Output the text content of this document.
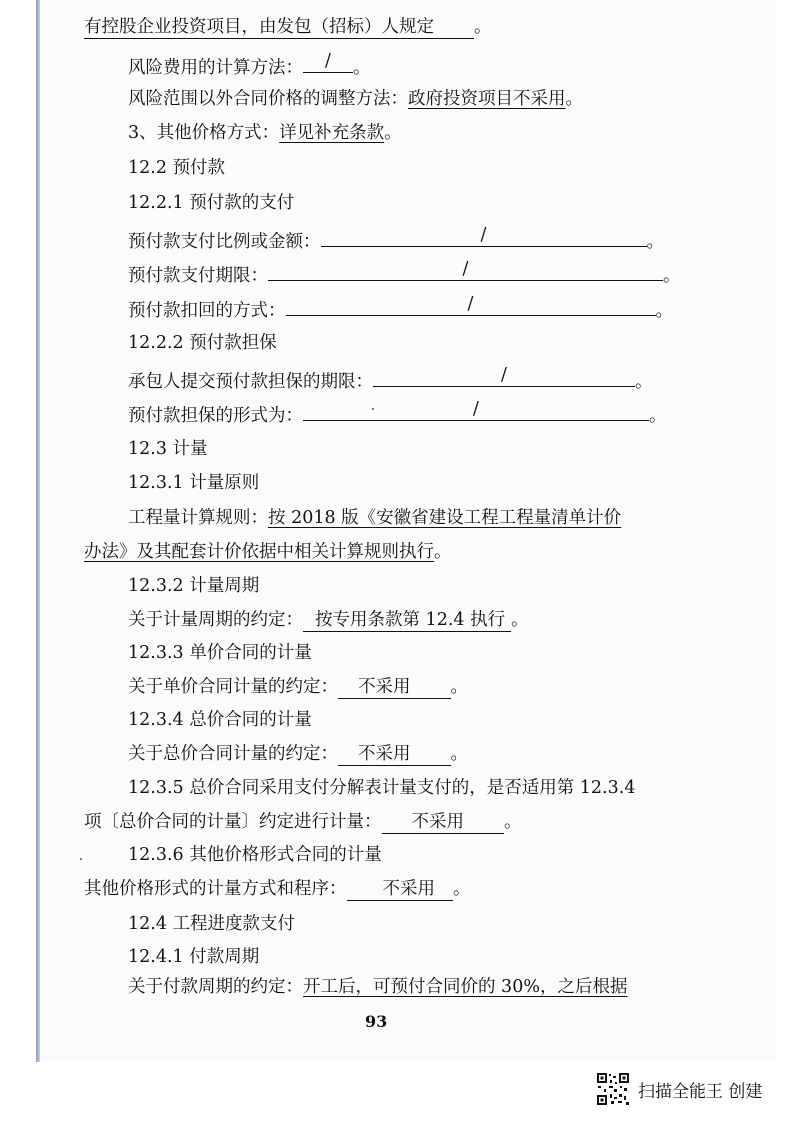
有控股企业投资项目，由发包（招标）人规定 。
风险费用的计算方法：	/	。
风险范围以外合同价格的调整方法：政府投资项目不采用。
3、其他价格方式：详见补充条款。
12.2 预付款
12.2.1 预付款的支付
预付款支付比例或金额：	/	。
预付款支付期限：	/	。
预付款扣回的方式：	/	。
12.2.2 预付款担保
承包人提交预付款担保的期限：	/	。
预付款担保的形式为：	/	。
12.3 计量
12.3.1 计量原则
工程量计算规则：按 2018 版《安徽省建设工程工程量清单计价
办法》及其配套计价依据中相关计算规则执行。
12.3.2 计量周期
关于计量周期的约定： 按专用条款第 12.4 执行 。
12.3.3 单价合同的计量
关于单价合同计量的约定： 不采用 。
12.3.4 总价合同的计量
关于总价合同计量的约定： 不采用 。
12.3.5 总价合同采用支付分解表计量支付的，是否适用第 12.3.4
项〔总价合同的计量〕约定进行计量： 不采用 。
12.3.6 其他价格形式合同的计量
其他价格形式的计量方式和程序： 不采用 。
12.4 工程进度款支付
12.4.1 付款周期
关于付款周期的约定：开工后，可预付合同价的 30%，之后根据
93
扫描全能王 创建
